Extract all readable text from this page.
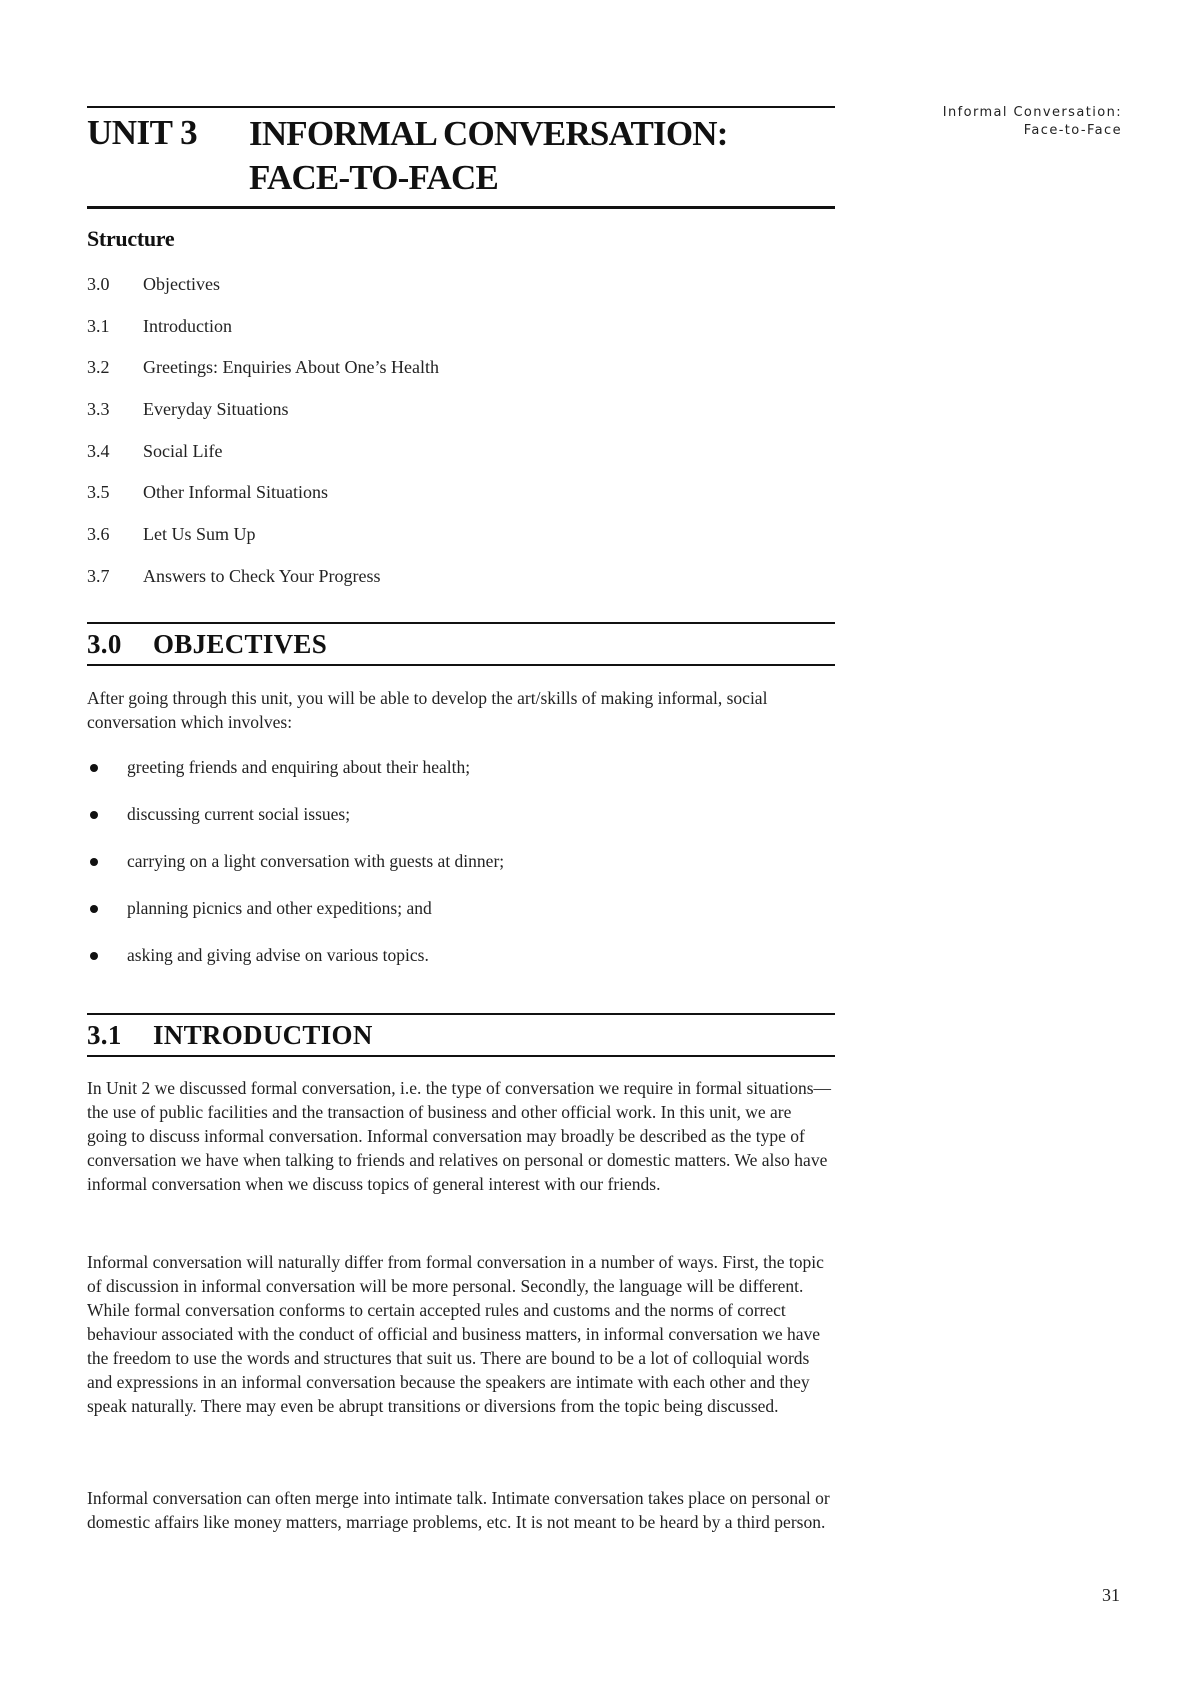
Informal Conversation:
Face-to-Face
UNIT 3	INFORMAL CONVERSATION:
FACE-TO-FACE
Structure
3.0	Objectives
3.1	Introduction
3.2	Greetings: Enquiries About One’s Health
3.3	Everyday Situations
3.4	Social Life
3.5	Other Informal Situations
3.6	Let Us Sum Up
3.7	Answers to Check Your Progress
3.0	OBJECTIVES

After going through this unit, you will be able to develop the art/skills of making informal, social conversation which involves:

greeting friends and enquiring about their health;
discussing current social issues;
carrying on a light conversation with guests at dinner;
planning picnics and other expeditions; and
asking and giving advise on various topics.
3.1	INTRODUCTION

In Unit 2 we discussed formal conversation, i.e. the type of conversation we require in formal situations—the use of public facilities and the transaction of business and other official work. In this unit, we are going to discuss informal conversation. Informal conversation may broadly be described as the type of conversation we have when talking to friends and relatives on personal or domestic matters. We also have informal conversation when we discuss topics of general interest with our friends.

Informal conversation will naturally differ from formal conversation in a number of ways. First, the topic of discussion in informal conversation will be more personal. Secondly, the language will be different. While formal conversation conforms to certain accepted rules and customs and the norms of correct behaviour associated with the conduct of official and business matters, in informal conversation we have the freedom to use the words and structures that suit us. There are bound to be a lot of colloquial words and expressions in an informal conversation because the speakers are intimate with each other and they speak naturally. There may even be abrupt transitions or diversions from the topic being discussed.

Informal conversation can often merge into intimate talk. Intimate conversation takes place on personal or domestic affairs like money matters, marriage problems, etc. It is not meant to be heard by a third person.

31
